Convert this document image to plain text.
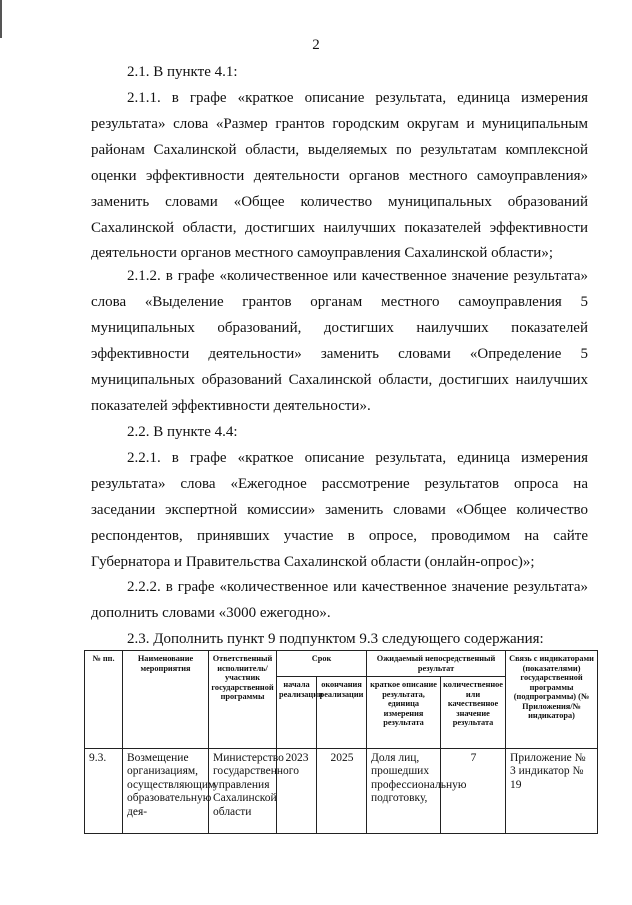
2

2.1. В пункте 4.1:

2.1.1. в графе «краткое описание результата, единица измерения результата» слова «Размер грантов городским округам и муниципальным районам Сахалинской области, выделяемых по результатам комплексной оценки эффективности деятельности органов местного самоуправления» заменить словами «Общее количество муниципальных образований Сахалинской области, достигших наилучших показателей эффективности деятельности органов местного самоуправления Сахалинской области»;

2.1.2. в графе «количественное или качественное значение результата» слова «Выделение грантов органам местного самоуправления 5 муниципальных образований, достигших наилучших показателей эффективности деятельности» заменить словами «Определение 5 муниципальных образований Сахалинской области, достигших наилучших показателей эффективности деятельности».

2.2. В пункте 4.4:

2.2.1. в графе «краткое описание результата, единица измерения результата» слова «Ежегодное рассмотрение результатов опроса на заседании экспертной комиссии» заменить словами «Общее количество респондентов, принявших участие в опросе, проводимом на сайте Губернатора и Правительства Сахалинской области (онлайн-опрос)»;

2.2.2. в графе «количественное или качественное значение результата» дополнить словами «3000 ежегодно».

2.3. Дополнить пункт 9 подпунктом 9.3 следующего содержания:

№ пп.	Наименование мероприятия	Ответственный исполнитель/участник государственной программы	Срок		Ожидаемый непосредственный результат		Связь с индикаторами (показателями) государственной программы (подпрограммы) (№ Приложения/№ индикатора)
			начала реализации	окончания реализации	краткое описание результата, единица измерения результата	количественное или качественное значение результата	
9.3.	Возмещение организациям, осуществляющим образовательную дея-	Министерство государственного управления Сахалинской области	2023	2025	Доля лиц, прошедших профессиональную подготовку,	7	Приложение № 3 индикатор № 19
